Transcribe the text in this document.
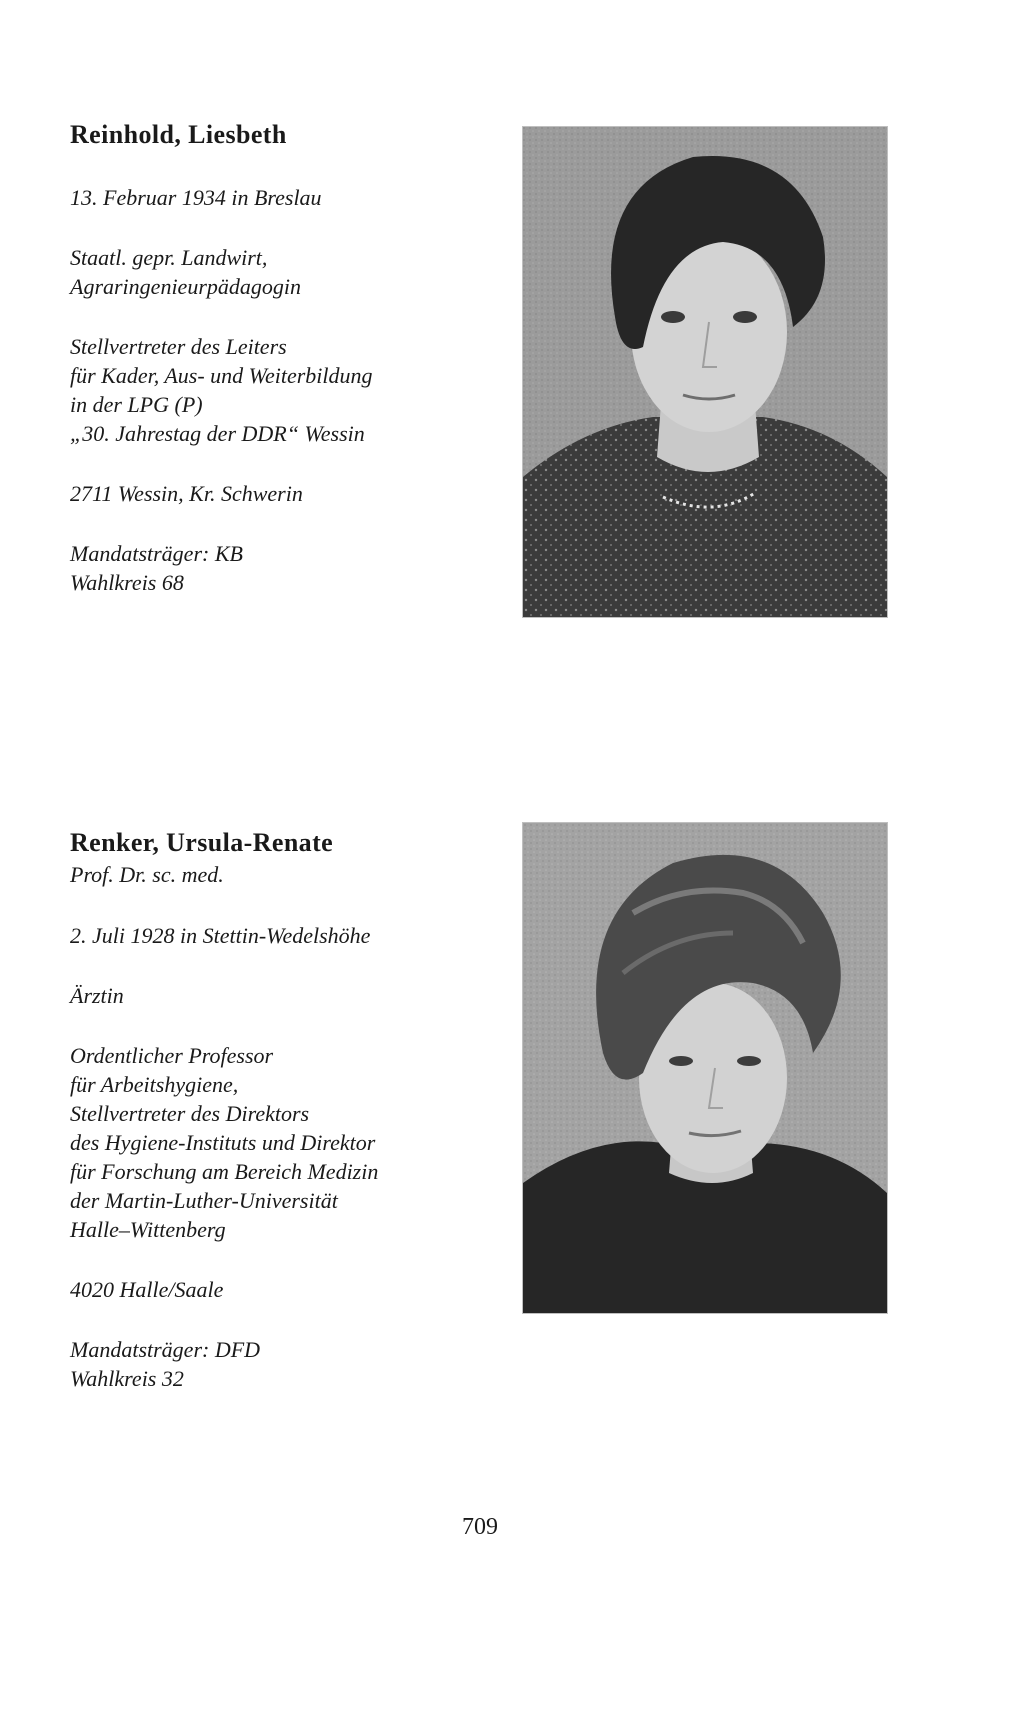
Reinhold, Liesbeth

13. Februar 1934 in Breslau

Staatl. gepr. Landwirt,
Agraringenieurpädagogin
Stellvertreter des Leiters
für Kader, Aus- und Weiterbildung
in der LPG (P)
„30. Jahrestag der DDR“ Wessin

2711 Wessin, Kr. Schwerin

Mandatsträger: KB
Wahlkreis 68

Renker, Ursula-Renate

Prof. Dr. sc. med.

2. Juli 1928 in Stettin-Wedelshöhe

Ärztin
Ordentlicher Professor
für Arbeitshygiene,
Stellvertreter des Direktors
des Hygiene-Instituts und Direktor
für Forschung am Bereich Medizin
der Martin-Luther-Universität
Halle–Wittenberg

4020 Halle/Saale

Mandatsträger: DFD
Wahlkreis 32
709
